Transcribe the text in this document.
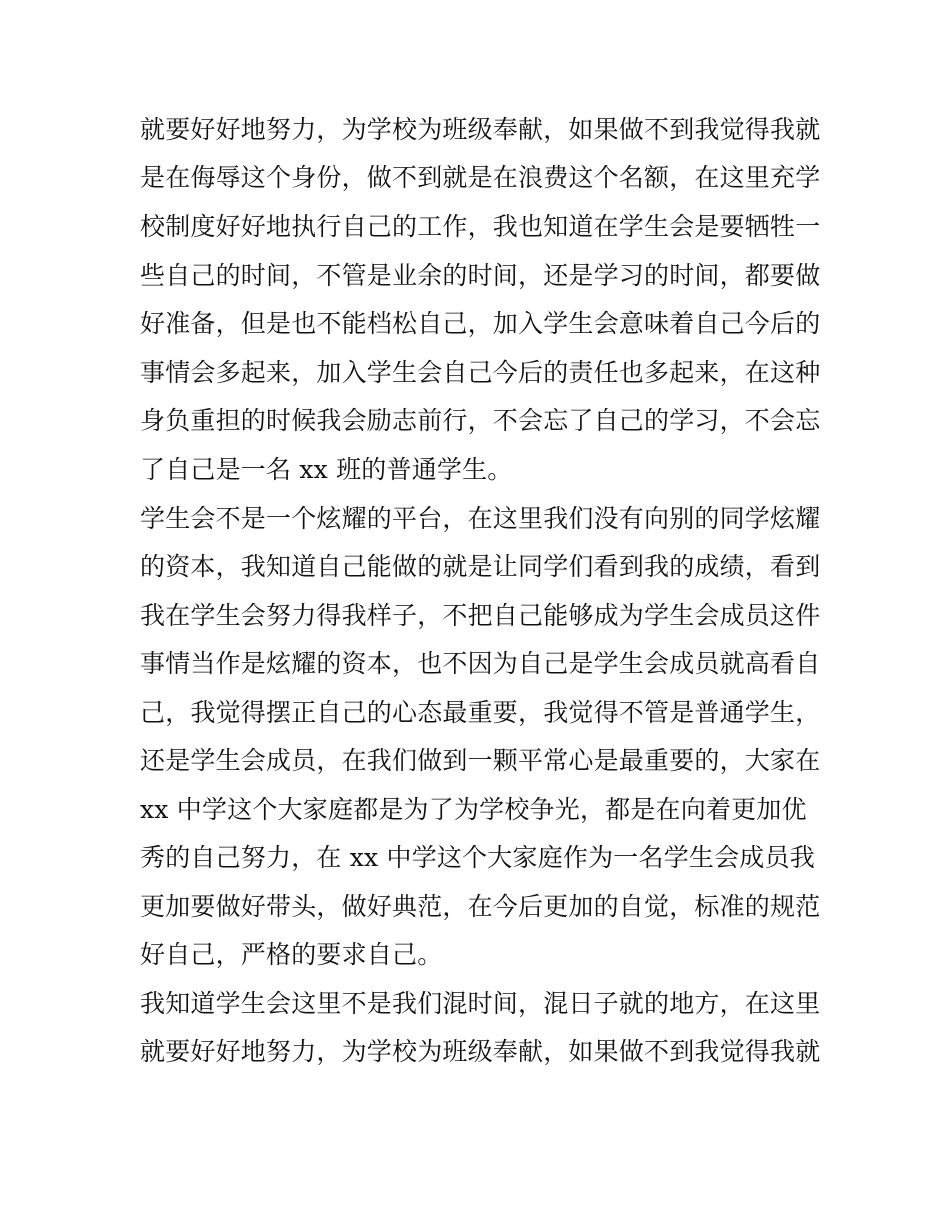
就要好好地努力，为学校为班级奉献，如果做不到我觉得我就
是在侮辱这个身份，做不到就是在浪费这个名额，在这里充学
校制度好好地执行自己的工作，我也知道在学生会是要牺牲一
些自己的时间，不管是业余的时间，还是学习的时间，都要做
好准备，但是也不能档松自己，加入学生会意味着自己今后的
事情会多起来，加入学生会自己今后的责任也多起来，在这种
身负重担的时候我会励志前行，不会忘了自己的学习，不会忘
了自己是一名 xx 班的普通学生。
学生会不是一个炫耀的平台，在这里我们没有向别的同学炫耀
的资本，我知道自己能做的就是让同学们看到我的成绩，看到
我在学生会努力得我样子，不把自己能够成为学生会成员这件
事情当作是炫耀的资本，也不因为自己是学生会成员就高看自
己，我觉得摆正自己的心态最重要，我觉得不管是普通学生，
还是学生会成员，在我们做到一颗平常心是最重要的，大家在
xx 中学这个大家庭都是为了为学校争光，都是在向着更加优
秀的自己努力，在 xx 中学这个大家庭作为一名学生会成员我
更加要做好带头，做好典范，在今后更加的自觉，标准的规范
好自己，严格的要求自己。
我知道学生会这里不是我们混时间，混日子就的地方，在这里
就要好好地努力，为学校为班级奉献，如果做不到我觉得我就
